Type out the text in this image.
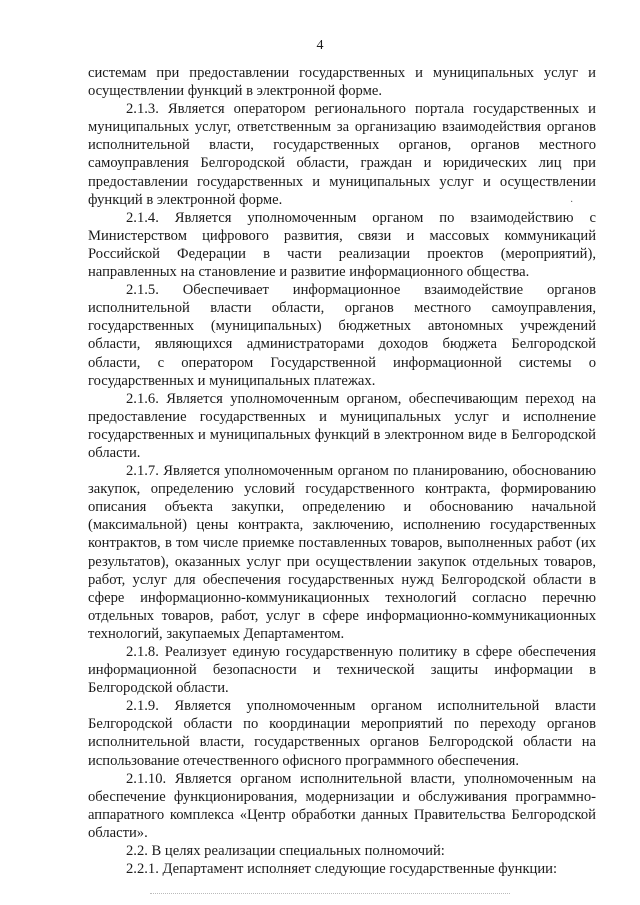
4

системам при предоставлении государственных и муниципальных услуг и осуществлении функций в электронной форме.

2.1.3. Является оператором регионального портала государственных и муниципальных услуг, ответственным за организацию взаимодействия органов исполнительной власти, государственных органов, органов местного самоуправления Белгородской области, граждан и юридических лиц при предоставлении государственных и муниципальных услуг и осуществлении функций в электронной форме.

2.1.4. Является уполномоченным органом по взаимодействию с Министерством цифрового развития, связи и массовых коммуникаций Российской Федерации в части реализации проектов (мероприятий), направленных на становление и развитие информационного общества.

2.1.5. Обеспечивает информационное взаимодействие органов исполнительной власти области, органов местного самоуправления, государственных (муниципальных) бюджетных автономных учреждений области, являющихся администраторами доходов бюджета Белгородской области, с оператором Государственной информационной системы о государственных и муниципальных платежах.

2.1.6. Является уполномоченным органом, обеспечивающим переход на предоставление государственных и муниципальных услуг и исполнение государственных и муниципальных функций в электронном виде в Белгородской области.

2.1.7. Является уполномоченным органом по планированию, обоснованию закупок, определению условий государственного контракта, формированию описания объекта закупки, определению и обоснованию начальной (максимальной) цены контракта, заключению, исполнению государственных контрактов, в том числе приемке поставленных товаров, выполненных работ (их результатов), оказанных услуг при осуществлении закупок отдельных товаров, работ, услуг для обеспечения государственных нужд Белгородской области в сфере информационно-коммуникационных технологий согласно перечню отдельных товаров, работ, услуг в сфере информационно-коммуникационных технологий, закупаемых Департаментом.

2.1.8. Реализует единую государственную политику в сфере обеспечения информационной безопасности и технической защиты информации в Белгородской области.

2.1.9. Является уполномоченным органом исполнительной власти Белгородской области по координации мероприятий по переходу органов исполнительной власти, государственных органов Белгородской области на использование отечественного офисного программного обеспечения.

2.1.10. Является органом исполнительной власти, уполномоченным на обеспечение функционирования, модернизации и обслуживания программно-аппаратного комплекса «Центр обработки данных Правительства Белгородской области».

2.2. В целях реализации специальных полномочий:

2.2.1. Департамент исполняет следующие государственные функции:

·
